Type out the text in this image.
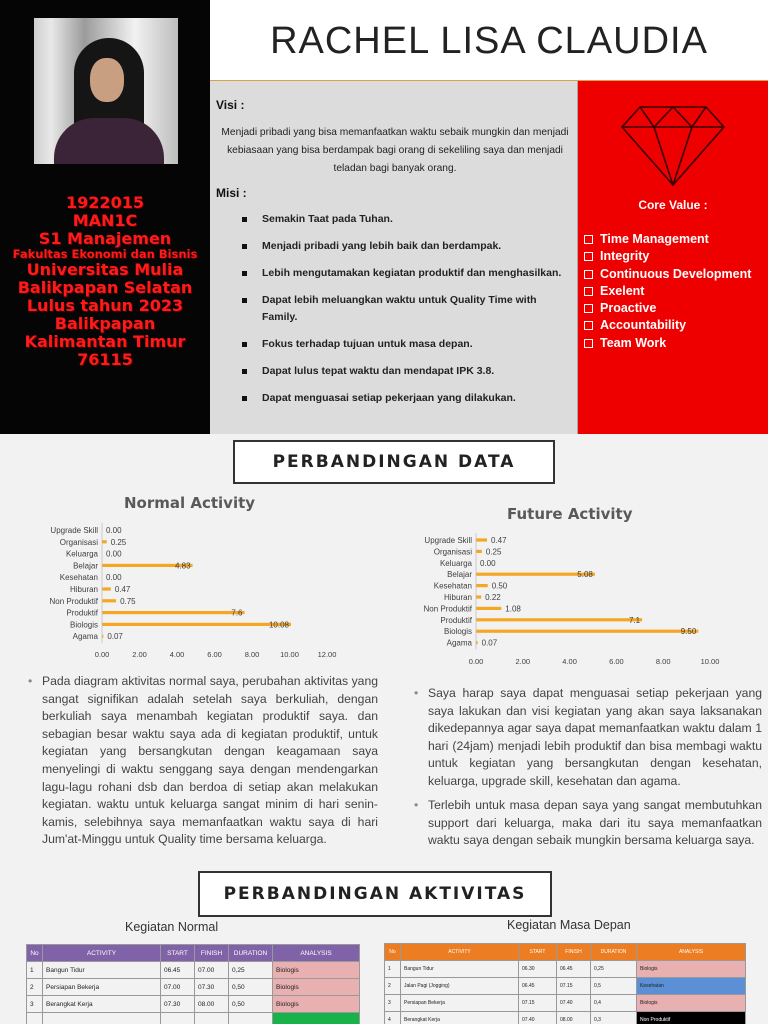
1922015
MAN1C
S1 Manajemen
Fakultas Ekonomi dan Bisnis
Universitas Mulia
Balikpapan Selatan
Lulus tahun 2023
Balikpapan
Kalimantan Timur
76115
RACHEL LISA CLAUDIA
Visi :
Menjadi pribadi yang bisa memanfaatkan waktu sebaik mungkin dan menjadi kebiasaan yang bisa berdampak bagi orang di sekeliling saya dan menjadi teladan bagi banyak orang.
Misi :
Semakin Taat pada Tuhan.
Menjadi pribadi yang lebih baik dan berdampak.
Lebih mengutamakan kegiatan produktif dan menghasilkan.
Dapat lebih meluangkan waktu untuk Quality Time with Family.
Fokus terhadap tujuan untuk masa depan.
Dapat lulus tepat waktu dan mendapat IPK 3.8.
Dapat menguasai setiap pekerjaan yang dilakukan.
Core Value :
Time Management
Integrity
Continuous Development
Exelent
Proactive
Accountability
Team Work
PERBANDINGAN DATA
Normal Activity
Upgrade Skill 0.00
Organisasi 0.25
Keluarga 0.00
Belajar	4.83
Kesehatan 0.00
Hiburan 0.47
Non Produktif	0.75
Produktif	7.6
Biologis	10.08
Agama 0.07
0.00	2.00	4.00	6.00	8.00	10.00 12.00
Future Activity
Upgrade Skill 0.47
Organisasi 0.25
Keluarga 0.00
Belajar	5.08
Kesehatan 0.50
Hiburan 0.22
Non Produktif	1.08
Produktif	7.1
Biologis	9.50
Agama 0.07
0.00	2.00	4.00	6.00	8.00	10.00
• Pada diagram aktivitas normal saya, perubahan aktivitas yang sangat signifikan adalah setelah saya berkuliah, dengan berkuliah saya menambah kegiatan produktif saya. dan sebagian besar waktu saya ada di kegiatan produktif, untuk kegiatan yang bersangkutan dengan keagamaan saya menyelingi di waktu senggang saya dengan mendengarkan lagu-lagu rohani dsb dan berdoa di setiap akan melakukan kegiatan. waktu untuk keluarga sangat minim di hari senin-kamis, selebihnya saya memanfaatkan waktu saya di hari Jum'at-Minggu untuk Quality time bersama keluarga.
• Saya harap saya dapat menguasai setiap pekerjaan yang saya lakukan dan visi kegiatan yang akan saya laksanakan dikedepannya agar saya dapat memanfaatkan waktu dalam 1 hari (24jam) menjadi lebih produktif dan bisa membagi waktu untuk kegiatan yang bersangkutan dengan kesehatan, keluarga, upgrade skill, kesehatan dan agama.
• Terlebih untuk masa depan saya yang sangat membutuhkan support dari keluarga, maka dari itu saya memanfaatkan waktu saya dengan sebaik mungkin bersama keluarga saya.
PERBANDINGAN AKTIVITAS
Kegiatan Normal
No	ACTIVITY	START	FINISH	DURATION	ANALYSIS
1	Bangun Tidur	06.45	07.00	0,25	Biologis
2	Persiapan Bekerja	07.00	07.30	0,50	Biologis
3	Berangkat Kerja	07.30	08.00	0,50	Biologis

Kegiatan Masa Depan
No	ACTIVITY	START	FINISH	DURATION	ANALYSIS
1	Bangun Tidur	06.30	06.45	0,25	Biologis
2	Jalan Pagi (Jogging)	06.45	07.15	0,5	Kesehatan
3	Persiapan Bekerja	07.15	07.40	0,4	Biologis
4	Berangkat Kerja	07.40	08.00	0,3	Non Produktif
